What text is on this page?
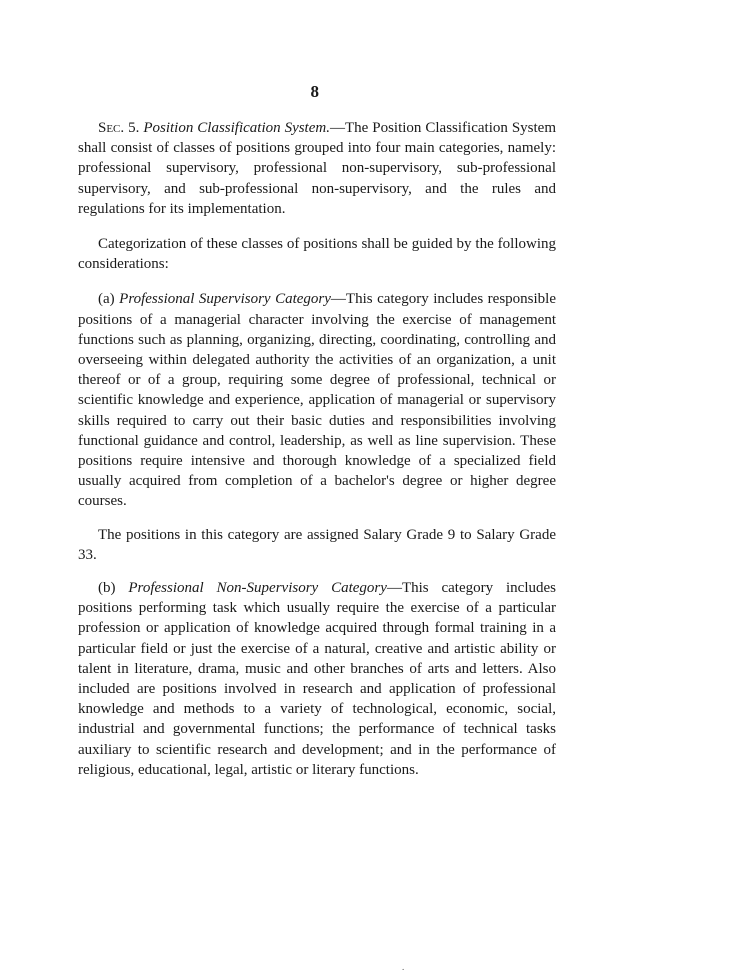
8

Sec. 5. Position Classification System.—The Position Classification System shall consist of classes of positions grouped into four main categories, namely: professional supervisory, professional non-supervisory, sub-professional supervisory, and sub-professional non-supervisory, and the rules and regulations for its implementation.

Categorization of these classes of positions shall be guided by the following considerations:

(a) Professional Supervisory Category—This category includes responsible positions of a managerial character involving the exercise of management functions such as planning, organizing, directing, coordinating, controlling and overseeing within delegated authority the activities of an organization, a unit thereof or of a group, requiring some degree of professional, technical or scientific knowledge and experience, application of managerial or supervisory skills required to carry out their basic duties and responsibilities involving functional guidance and control, leadership, as well as line supervision. These positions require intensive and thorough knowledge of a specialized field usually acquired from completion of a bachelor's degree or higher degree courses.

The positions in this category are assigned Salary Grade 9 to Salary Grade 33.

(b) Professional Non-Supervisory Category—This category includes positions performing task which usually require the exercise of a particular profession or application of knowledge acquired through formal training in a particular field or just the exercise of a natural, creative and artistic ability or talent in literature, drama, music and other branches of arts and letters. Also included are positions involved in research and application of professional knowledge and methods to a variety of technological, economic, social, industrial and governmental functions; the performance of technical tasks auxiliary to scientific research and development; and in the performance of religious, educational, legal, artistic or literary functions.

.
